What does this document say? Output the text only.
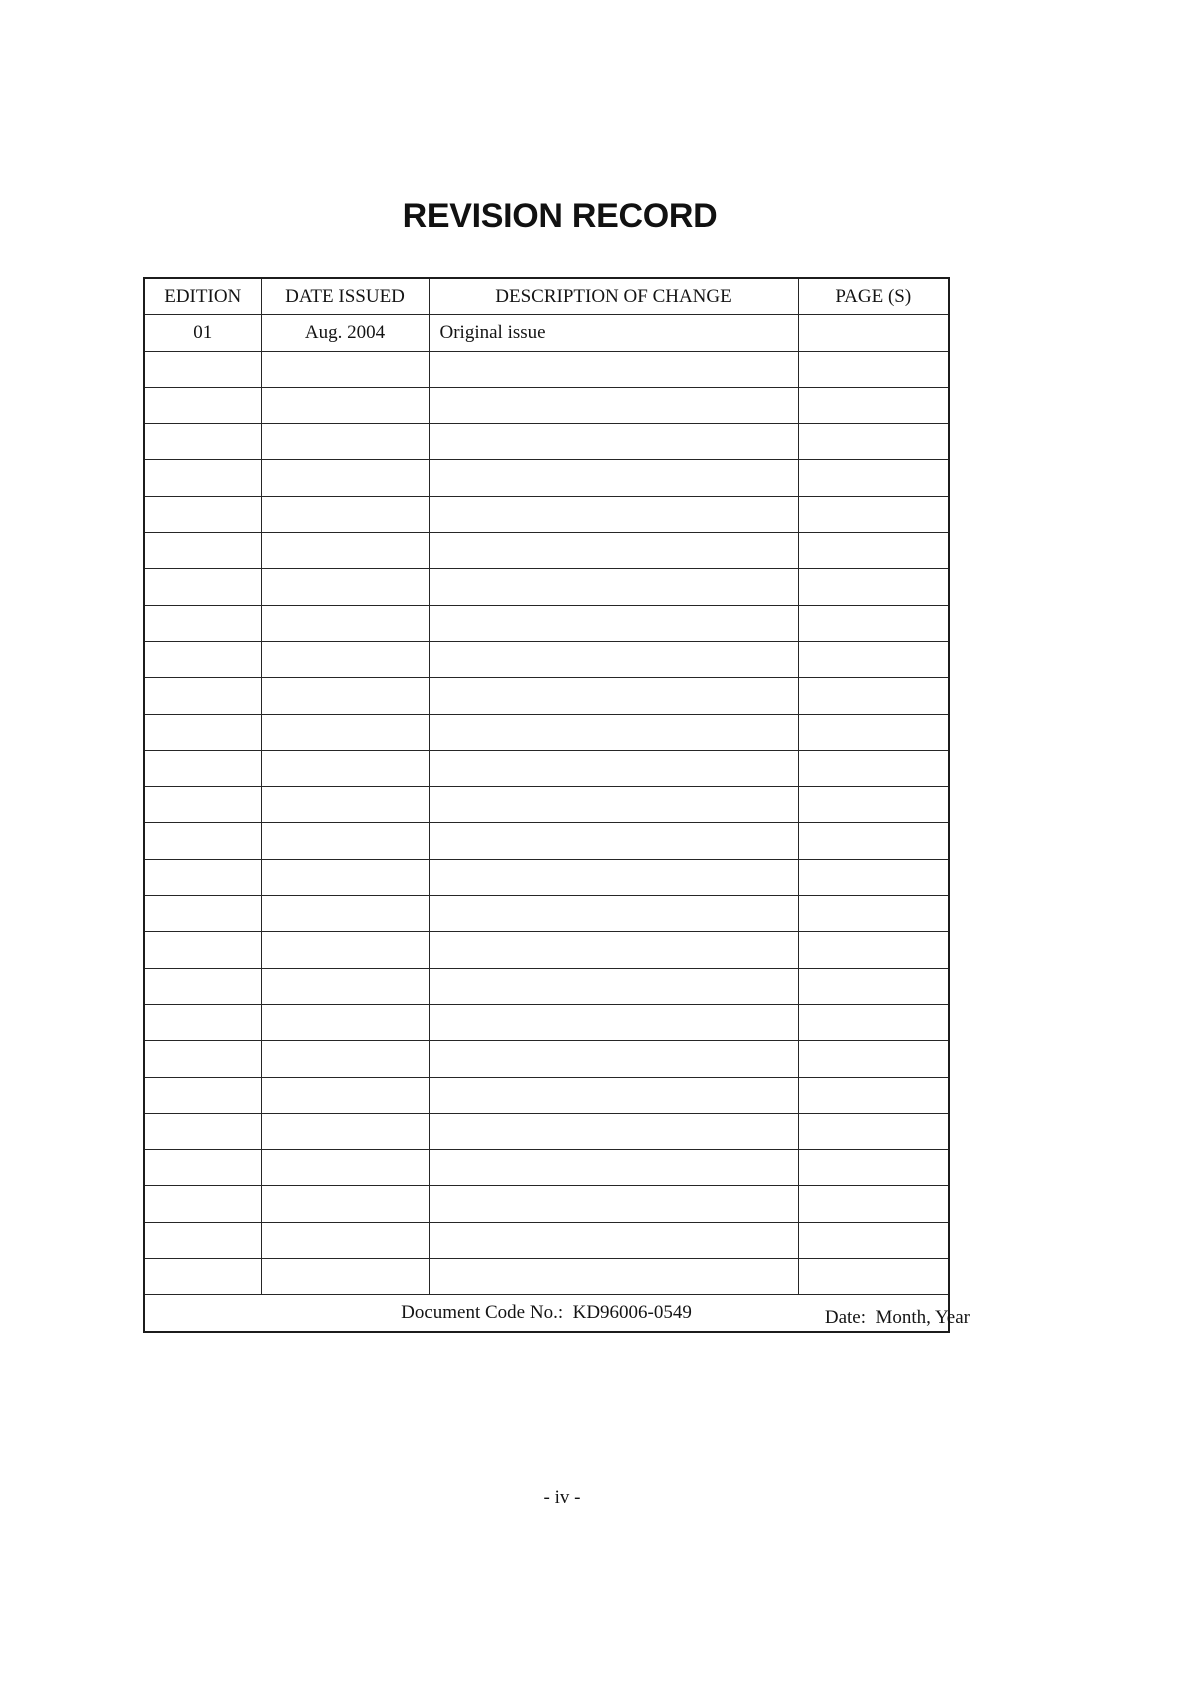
REVISION RECORD
EDITION	DATE ISSUED	DESCRIPTION OF CHANGE	PAGE (S)
01	Aug. 2004	Original issue	

Document Code No.:  KD96006-0549				Date:  Month, Year
- iv -
